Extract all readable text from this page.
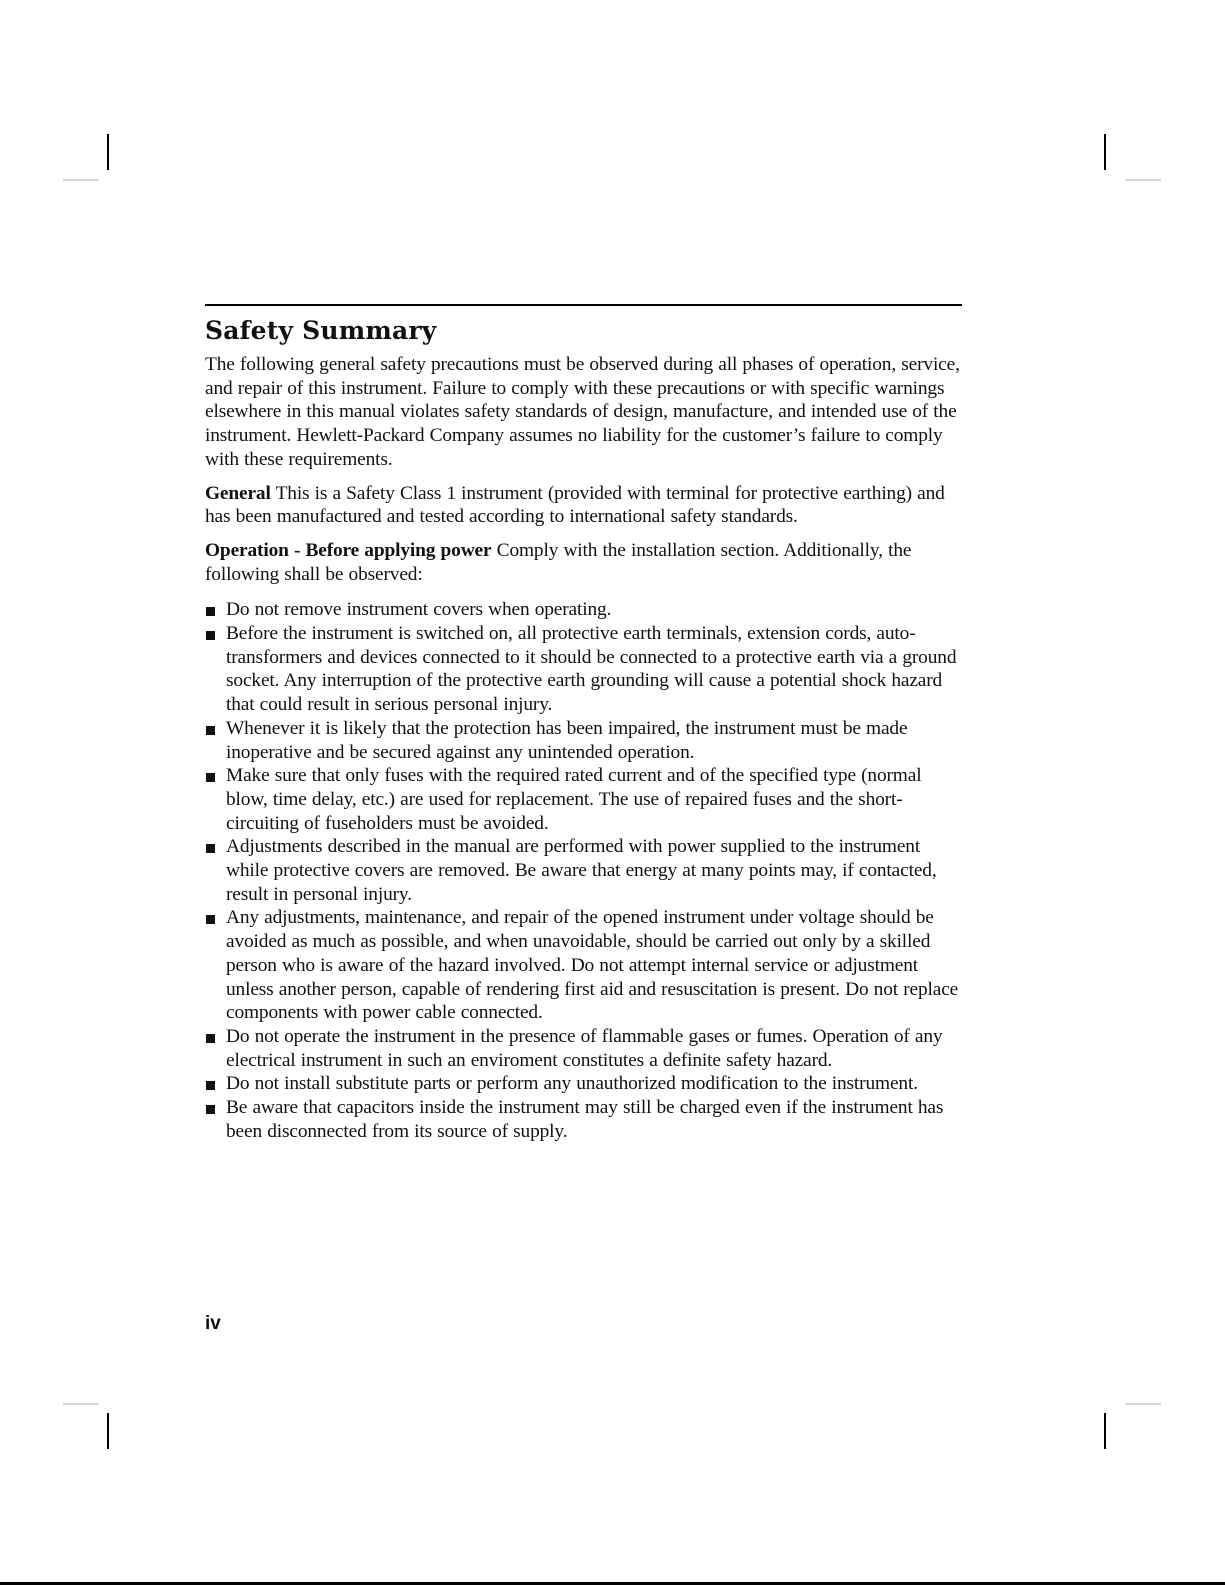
Safety Summary

The following general safety precautions must be observed during all phases of operation, service, and repair of this instrument. Failure to comply with these precautions or with specific warnings elsewhere in this manual violates safety standards of design, manufacture, and intended use of the instrument. Hewlett-Packard Company assumes no liability for the customer’s failure to comply with these requirements.

General This is a Safety Class 1 instrument (provided with terminal for protective earthing) and has been manufactured and tested according to international safety standards.

Operation - Before applying power Comply with the installation section. Additionally, the following shall be observed:

Do not remove instrument covers when operating.
Before the instrument is switched on, all protective earth terminals, extension cords, auto-transformers and devices connected to it should be connected to a protective earth via a ground socket. Any interruption of the protective earth grounding will cause a potential shock hazard that could result in serious personal injury.
Whenever it is likely that the protection has been impaired, the instrument must be made inoperative and be secured against any unintended operation.
Make sure that only fuses with the required rated current and of the specified type (normal blow, time delay, etc.) are used for replacement. The use of repaired fuses and the short-circuiting of fuseholders must be avoided.
Adjustments described in the manual are performed with power supplied to the instrument while protective covers are removed. Be aware that energy at many points may, if contacted, result in personal injury.
Any adjustments, maintenance, and repair of the opened instrument under voltage should be avoided as much as possible, and when unavoidable, should be carried out only by a skilled person who is aware of the hazard involved. Do not attempt internal service or adjustment unless another person, capable of rendering first aid and resuscitation is present. Do not replace components with power cable connected.
Do not operate the instrument in the presence of flammable gases or fumes. Operation of any electrical instrument in such an enviroment constitutes a definite safety hazard.
Do not install substitute parts or perform any unauthorized modification to the instrument.
Be aware that capacitors inside the instrument may still be charged even if the instrument has been disconnected from its source of supply.
iv
